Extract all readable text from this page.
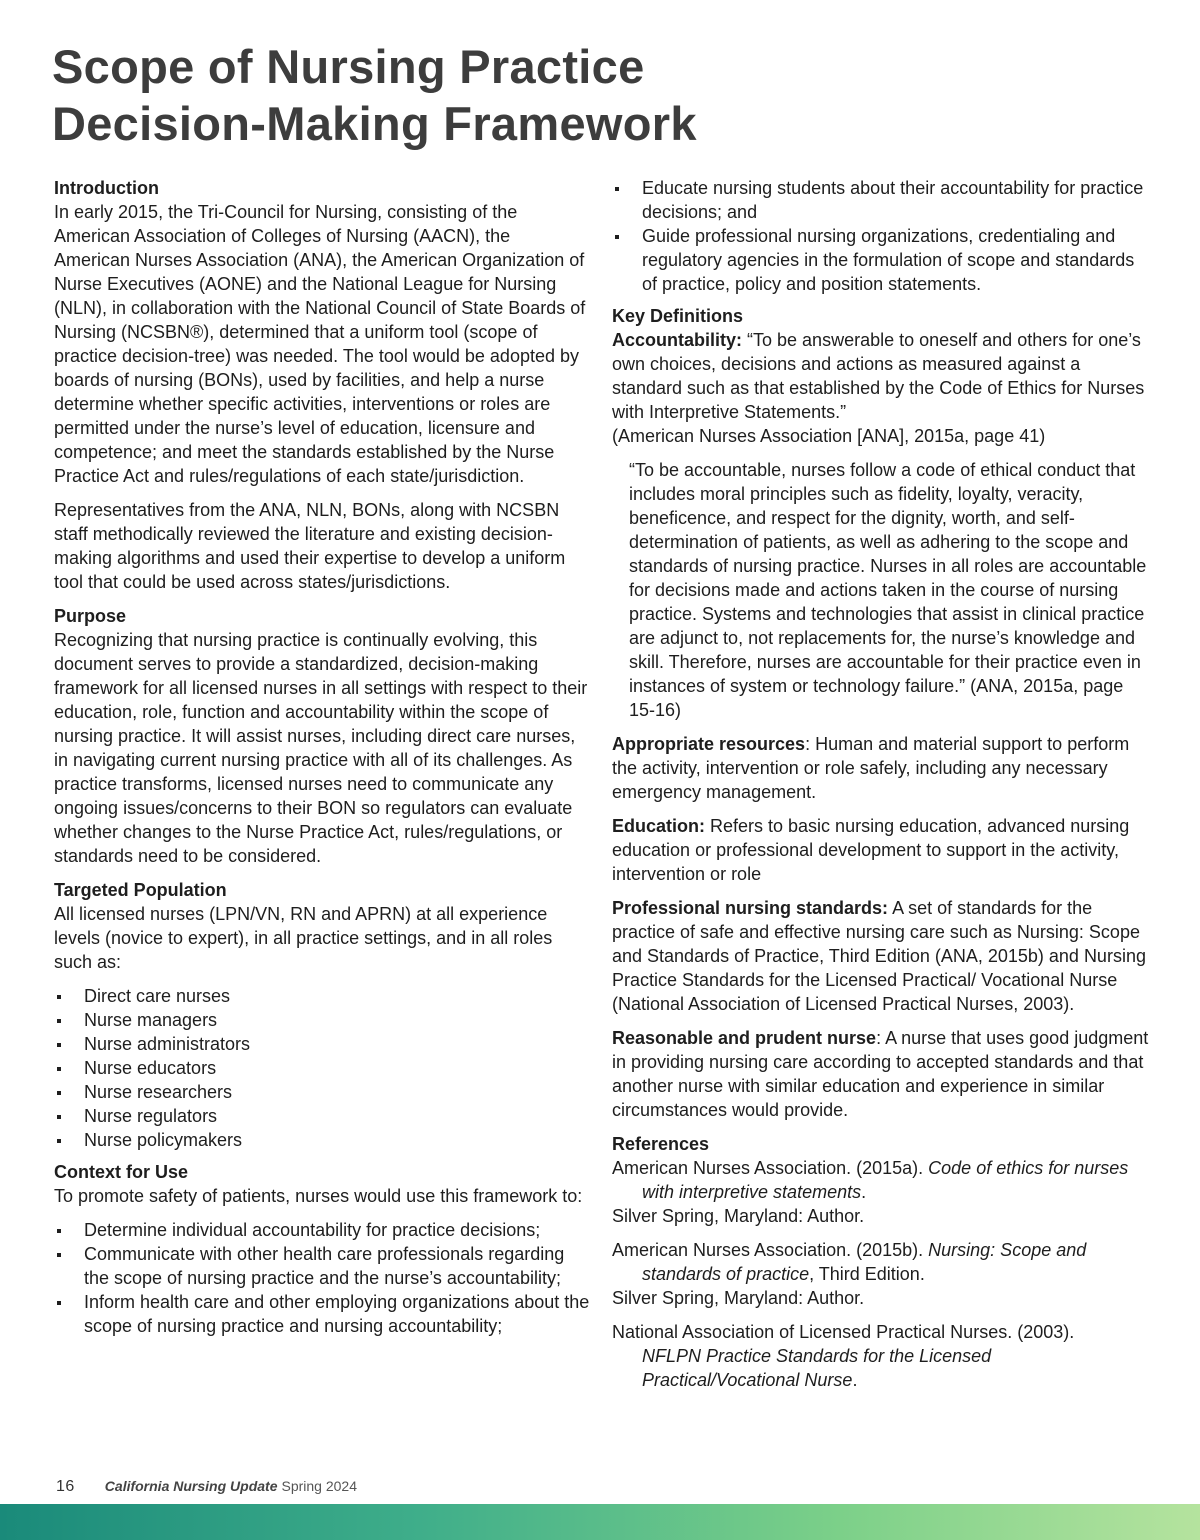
Scope of Nursing Practice
Decision-Making Framework
Introduction

In early 2015, the Tri-Council for Nursing, consisting of the American Association of Colleges of Nursing (AACN), the American Nurses Association (ANA), the American Organization of Nurse Executives (AONE) and the National League for Nursing (NLN), in collaboration with the National Council of State Boards of Nursing (NCSBN®), determined that a uniform tool (scope of practice decision-tree) was needed. The tool would be adopted by boards of nursing (BONs), used by facilities, and help a nurse determine whether specific activities, interventions or roles are permitted under the nurse’s level of education, licensure and competence; and meet the standards established by the Nurse Practice Act and rules/regulations of each state/jurisdiction.

Representatives from the ANA, NLN, BONs, along with NCSBN staff methodically reviewed the literature and existing decision-making algorithms and used their expertise to develop a uniform tool that could be used across states/jurisdictions.

Purpose

Recognizing that nursing practice is continually evolving, this document serves to provide a standardized, decision-making framework for all licensed nurses in all settings with respect to their education, role, function and accountability within the scope of nursing practice. It will assist nurses, including direct care nurses, in navigating current nursing practice with all of its challenges. As practice transforms, licensed nurses need to communicate any ongoing issues/concerns to their BON so regulators can evaluate whether changes to the Nurse Practice Act, rules/regulations, or standards need to be considered.

Targeted Population

All licensed nurses (LPN/VN, RN and APRN) at all experience levels (novice to expert), in all practice settings, and in all roles such as:

Direct care nurses
Nurse managers
Nurse administrators
Nurse educators
Nurse researchers
Nurse regulators
Nurse policymakers
Context for Use

To promote safety of patients, nurses would use this framework to:

Determine individual accountability for practice decisions;
Communicate with other health care professionals regarding the scope of nursing practice and the nurse’s accountability;
Inform health care and other employing organizations about the scope of nursing practice and nursing accountability;
Educate nursing students about their accountability for practice decisions; and
Guide professional nursing organizations, credentialing and regulatory agencies in the formulation of scope and standards of practice, policy and position statements.
Key Definitions
Accountability: “To be answerable to oneself and others for one’s own choices, decisions and actions as measured against a standard such as that established by the Code of Ethics for Nurses with Interpretive Statements.”
(American Nurses Association [ANA], 2015a, page 41)

“To be accountable, nurses follow a code of ethical conduct that includes moral principles such as fidelity, loyalty, veracity, beneficence, and respect for the dignity, worth, and self-determination of patients, as well as adhering to the scope and standards of nursing practice. Nurses in all roles are accountable for decisions made and actions taken in the course of nursing practice. Systems and technologies that assist in clinical practice are adjunct to, not replacements for, the nurse’s knowledge and skill. Therefore, nurses are accountable for their practice even in instances of system or technology failure.” (ANA, 2015a, page 15-16)

Appropriate resources: Human and material support to perform the activity, intervention or role safely, including any necessary emergency management.

Education: Refers to basic nursing education, advanced nursing education or professional development to support in the activity, intervention or role

Professional nursing standards: A set of standards for the practice of safe and effective nursing care such as Nursing: Scope and Standards of Practice, Third Edition (ANA, 2015b) and Nursing Practice Standards for the Licensed Practical/ Vocational Nurse (National Association of Licensed Practical Nurses, 2003).

Reasonable and prudent nurse: A nurse that uses good judgment in providing nursing care according to accepted standards and that another nurse with similar education and experience in similar circumstances would provide.

References
American Nurses Association. (2015a). Code of ethics for nurses with interpretive statements.
Silver Spring, Maryland: Author.
American Nurses Association. (2015b). Nursing: Scope and standards of practice, Third Edition.
Silver Spring, Maryland: Author.
National Association of Licensed Practical Nurses. (2003).
NFLPN Practice Standards for the Licensed Practical/Vocational Nurse.
16 California Nursing Update Spring 2024
